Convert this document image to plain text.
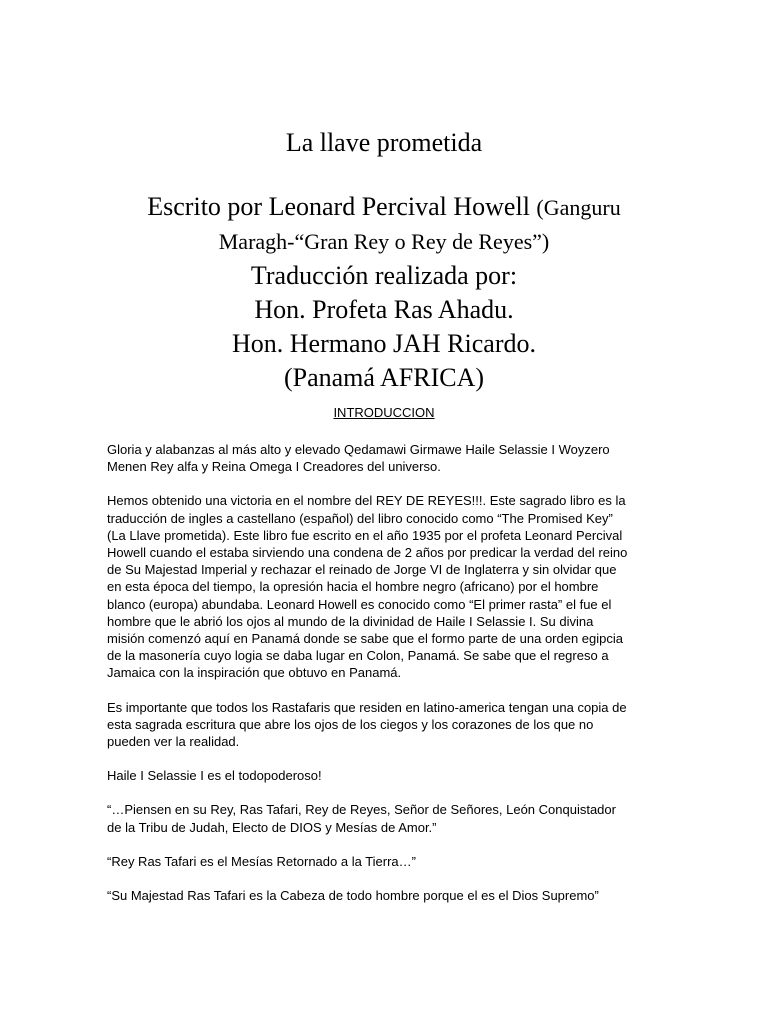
La llave prometida
Escrito por Leonard Percival Howell (Ganguru
Maragh-“Gran Rey o Rey de Reyes”)
Traducción realizada por:
Hon. Profeta Ras Ahadu.
Hon. Hermano JAH Ricardo.
(Panamá AFRICA)
INTRODUCCION

Gloria y alabanzas al más alto y elevado Qedamawi Girmawe Haile Selassie I Woyzero
Menen Rey alfa y Reina Omega I Creadores del universo.

Hemos obtenido una victoria en el nombre del REY DE REYES!!!. Este sagrado libro es la
traducción de ingles a castellano (español) del libro conocido como “The Promised Key”
(La Llave prometida). Este libro fue escrito en el año 1935 por el profeta Leonard Percival
Howell cuando el estaba sirviendo una condena de 2 años por predicar la verdad del reino
de Su Majestad Imperial y rechazar el reinado de Jorge VI de Inglaterra y sin olvidar que
en esta época del tiempo, la opresión hacia el hombre negro (africano) por el hombre
blanco (europa) abundaba. Leonard Howell es conocido como “El primer rasta” el fue el
hombre que le abrió los ojos al mundo de la divinidad de Haile I Selassie I. Su divina
misión comenzó aquí en Panamá donde se sabe que el formo parte de una orden egipcia
de la masonería cuyo logia se daba lugar en Colon, Panamá. Se sabe que el regreso a
Jamaica con la inspiración que obtuvo en Panamá.

Es importante que todos los Rastafaris que residen en latino-america tengan una copia de
esta sagrada escritura que abre los ojos de los ciegos y los corazones de los que no
pueden ver la realidad.

Haile I Selassie I es el todopoderoso!

“…Piensen en su Rey, Ras Tafari, Rey de Reyes, Señor de Señores, León Conquistador
de la Tribu de Judah, Electo de DIOS y Mesías de Amor.”

“Rey Ras Tafari es el Mesías Retornado a la Tierra…”

“Su Majestad Ras Tafari es la Cabeza de todo hombre porque el es el Dios Supremo”
